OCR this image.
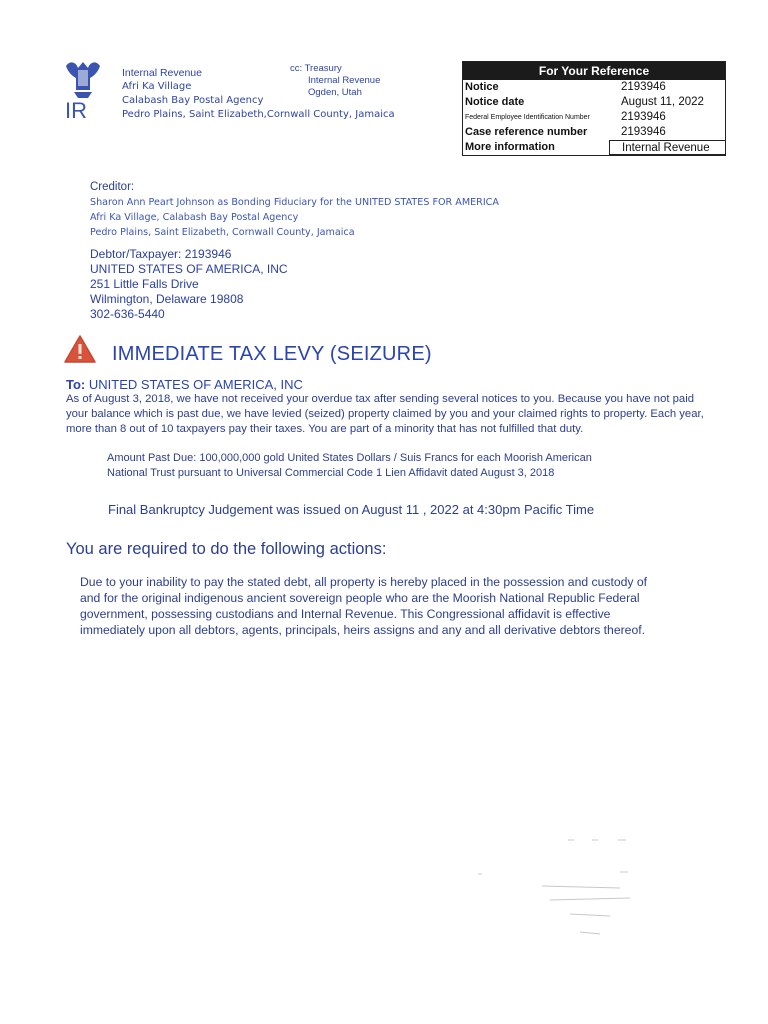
IR
Internal Revenue
Afri Ka Village
Calabash Bay Postal Agency
Pedro Plains, Saint Elizabeth,Cornwall County, Jamaica
cc: Treasury
Internal Revenue
Ogden, Utah
For Your Reference
Notice	2193946
Notice date	August 11, 2022
Federal Employee Identification Number	2193946
Case reference number	2193946
More information	Internal Revenue
Creditor:
Sharon Ann Peart Johnson as Bonding Fiduciary for the UNITED STATES FOR AMERICA
Afri Ka Village, Calabash Bay Postal Agency
Pedro Plains, Saint Elizabeth, Cornwall County, Jamaica
Debtor/Taxpayer: 2193946
UNITED STATES OF AMERICA, INC
251 Little Falls Drive
Wilmington, Delaware 19808
302-636-5440
IMMEDIATE TAX LEVY (SEIZURE)
To: UNITED STATES OF AMERICA, INC
As of August 3, 2018, we have not received your overdue tax after sending several notices to you. Because you have not paid your balance which is past due, we have levied (seized) property claimed by you and your claimed rights to property. Each year, more than 8 out of 10 taxpayers pay their taxes. You are part of a minority that has not fulfilled that duty.
Amount Past Due: 100,000,000 gold United States Dollars / Suis Francs for each Moorish American
National Trust pursuant to Universal Commercial Code 1 Lien Affidavit dated August 3, 2018
Final Bankruptcy Judgement was issued on August 11 , 2022 at 4:30pm Pacific Time
You are required to do the following actions:
Due to your inability to pay the stated debt, all property is hereby placed in the possession and custody of and for the original indigenous ancient sovereign people who are the Moorish National Republic Federal government, possessing custodians and Internal Revenue. This Congressional affidavit is effective immediately upon all debtors, agents, principals, heirs assigns and any and all derivative debtors thereof.
